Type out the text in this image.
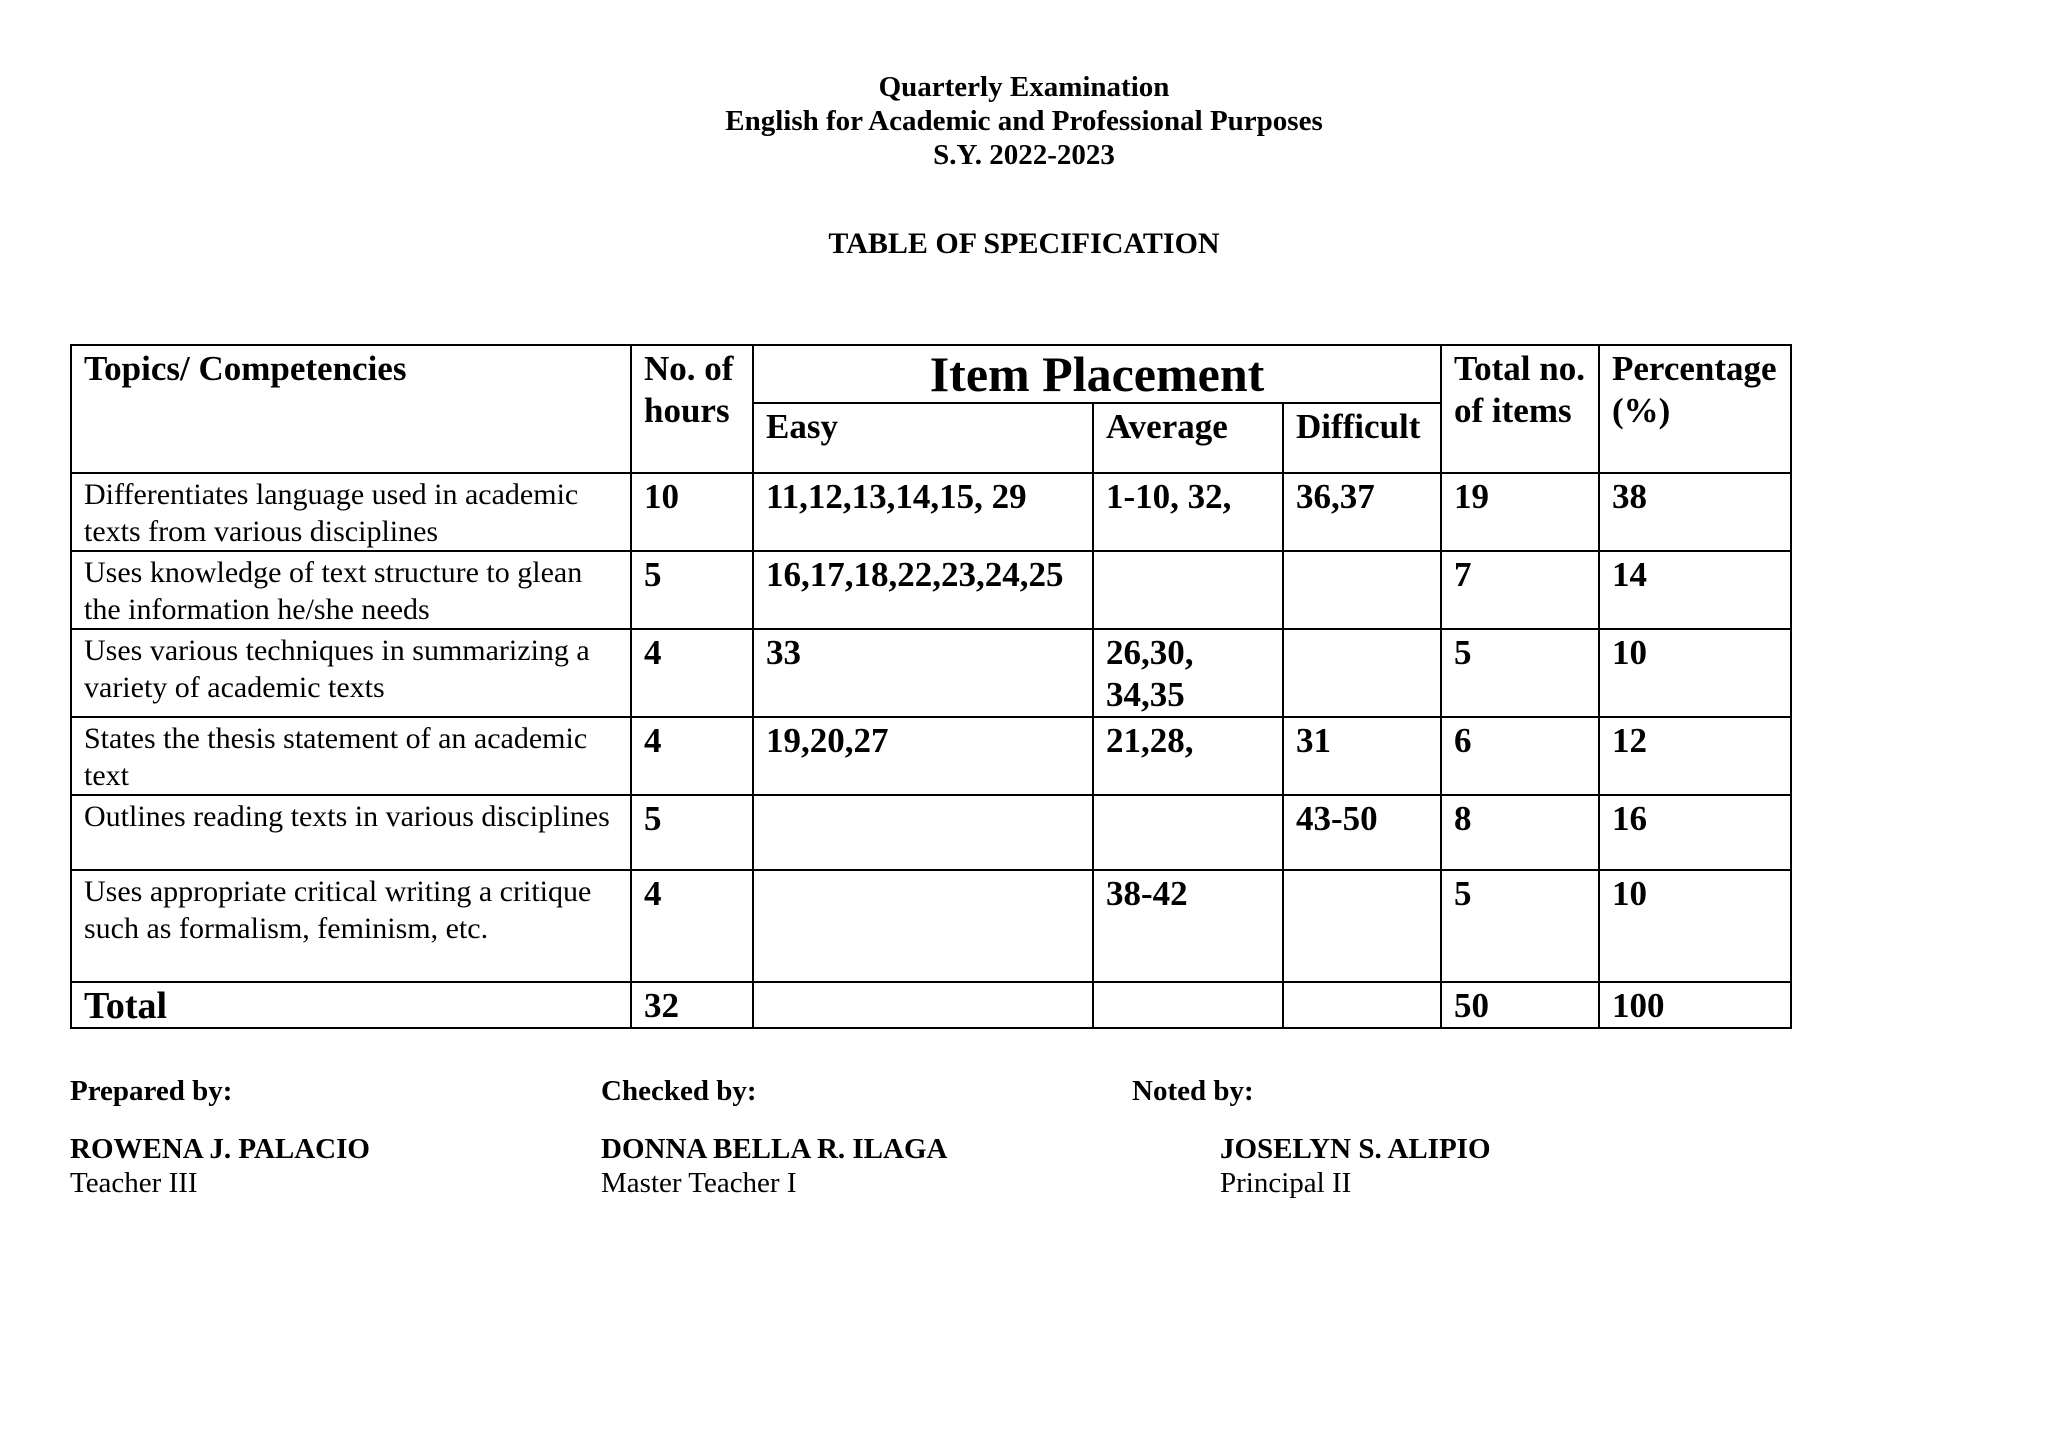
Quarterly Examination
English for Academic and Professional Purposes
S.Y. 2022-2023
TABLE OF SPECIFICATION
Topics/ Competencies	No. of hours	Item Placement			Total no. of items	Percentage (%)
		Easy	Average	Difficult		
Differentiates language used in academic texts from various disciplines	10	11,12,13,14,15, 29	1-10, 32,	36,37	19	38
Uses knowledge of text structure to glean the information he/she needs	5	16,17,18,22,23,24,25			7	14
Uses various techniques in summarizing a variety of academic texts	4	33	26,30, 34,35		5	10
States the thesis statement of an academic text	4	19,20,27	21,28,	31	6	12
Outlines reading texts in various disciplines	5			43-50	8	16
Uses appropriate critical writing a critique such as formalism, feminism, etc.	4		38-42		5	10
Total	32				50	100
Prepared by:
ROWENA J. PALACIO
Teacher III
Checked by:
DONNA BELLA R. ILAGA
Master Teacher I
Noted by:
JOSELYN S. ALIPIO
Principal II
